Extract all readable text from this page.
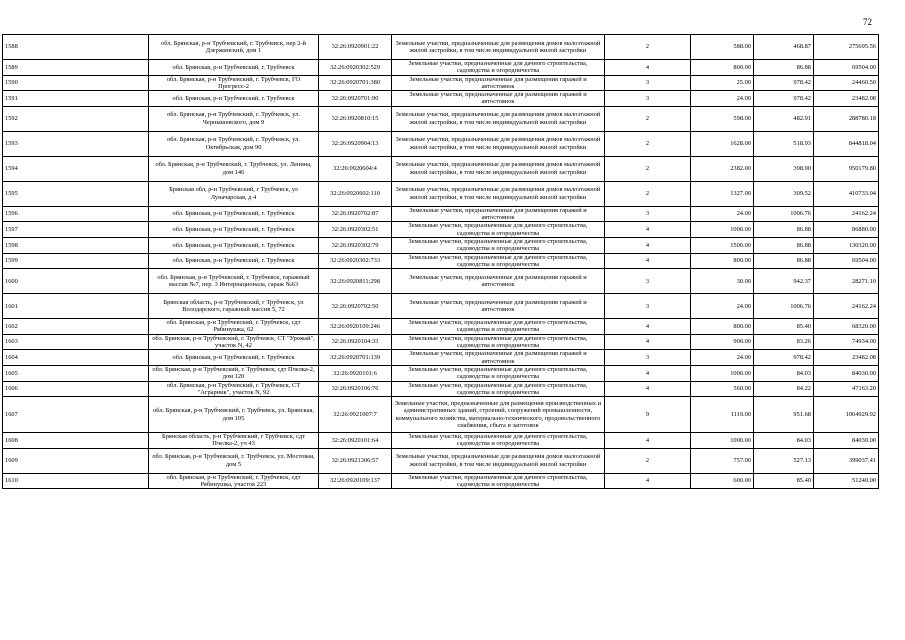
72
1588	обл. Брянская, р-н Трубчевский, г. Трубчевск, пер 2-й Дзержинский, дом 1	32:26:0920901:22	Земельные участки, предназначенные для размещения домов малоэтажной жилой застройки, в том числе индивидуальной жилой застройки	2	588.00	468.87	275695.56
1589	обл. Брянская, р-н Трубчевский, г. Трубчевск	32:26:0920302:529	Земельные участки, предназначенные для дачного строительства, садоводства и огородничества	4	800.00	86.88	69504.00
1590	обл. Брянская, р-н Трубчевский, г. Трубчевск, ГО Прогресс-2	32:26:0920701:380	Земельные участки, предназначенные для размещения гаражей и автостоянок	3	25.00	978.42	24460.50
1591	обл. Брянская, р-н Трубчевский, г. Трубчевск	32:26:0920701:90	Земельные участки, предназначенные для размещения гаражей и автостоянок	3	24.00	978.42	23482.08
1592	обл. Брянская, р-н Трубчевский, г. Трубчевск, ул. Чернышевского, дом 9	32:26:0920810:15	Земельные участки, предназначенные для размещения домов малоэтажной жилой застройки, в том числе индивидуальной жилой застройки	2	598.00	482.91	288780.18
1593	обл. Брянская, р-н Трубчевский, г. Трубчевск, ул. Октябрьская, дом 90	32:26:0920904:13	Земельные участки, предназначенные для размещения домов малоэтажной жилой застройки, в том числе индивидуальной жилой застройки	2	1628.00	518.93	844818.04
1594	обл. Брянская, р-н Трубчевский, г. Трубчевск, ул. Ленина, дом 146	32:26:0920604:4	Земельные участки, предназначенные для размещения домов малоэтажной жилой застройки, в том числе индивидуальной жилой застройки	2	2382.00	398.90	950179.80
1595	Брянская обл, р-н Трубчевский, г Трубчевск, ул Луначарская, д 4	32:26:0920602:110	Земельные участки, предназначенные для размещения домов малоэтажной жилой застройки, в том числе индивидуальной жилой застройки	2	1327.00	309.52	410733.04
1596	обл. Брянская, р-н Трубчевский, г. Трубчевск	32:26:0920702:87	Земельные участки, предназначенные для размещения гаражей и автостоянок	3	24.00	1006.76	24162.24
1597	обл. Брянская, р-н Трубчевский, г. Трубчевск	32:26:0920302:51	Земельные участки, предназначенные для дачного строительства, садоводства и огородничества	4	1000.00	86.88	86880.00
1598	обл. Брянская, р-н Трубчевский, г. Трубчевск	32:26:0920302:79	Земельные участки, предназначенные для дачного строительства, садоводства и огородничества	4	1500.00	86.88	130320.00
1599	обл. Брянская, р-н Трубчевский, г. Трубчевск	32:26:0920302:733	Земельные участки, предназначенные для дачного строительства, садоводства и огородничества	4	800.00	86.88	69504.00
1600	обл. Брянская, р-н Трубчевский, г. Трубчевск, гаражный массив №7, пер. 3 Интернационала, гараж №63	32:26:0920811:298	Земельные участки, предназначенные для размещения гаражей и автостоянок	3	30.00	942.37	28271.10
1601	Брянская область, р-н Трубчевский, г Трубчевск, ул Володарского, гаражный массив 5, 72	32:26:0920702:50	Земельные участки, предназначенные для размещения гаражей и автостоянок	3	24.00	1006.76	24162.24
1602	обл. Брянская, р-н Трубчевский, г. Трубчевск, сдт Рябинушка, 62	32:26:0920109:246	Земельные участки, предназначенные для дачного строительства, садоводства и огородничества	4	800.00	85.40	68320.00
1603	обл. Брянская, р-н Трубчевский, г. Трубчевск, СТ "Урожай", участок N, 42	32:26:0920104:33	Земельные участки, предназначенные для дачного строительства, садоводства и огородничества	4	900.00	83.26	74934.00
1604	обл. Брянская, р-н Трубчевский, г. Трубчевск	32:26:0920701:139	Земельные участки, предназначенные для размещения гаражей и автостоянок	3	24.00	978.42	23482.08
1605	обл. Брянская, р-н Трубчевский, г. Трубчевск, сдт Пчелка-2, дом 120	32:26:0920101:6	Земельные участки, предназначенные для дачного строительства, садоводства и огородничества	4	1000.00	84.03	84030.00
1606	обл. Брянская, р-н Трубчевский, г. Трубчевск, СТ "Аграрник", участок N, 92	32:26:0920106:76	Земельные участки, предназначенные для дачного строительства, садоводства и огородничества	4	560.00	84.22	47163.20
1607	обл. Брянская, р-н Трубчевский, г. Трубчевск, ул. Брянская, дом 105	32:26:0921007:7	Земельные участки, предназначенные для размещения производственных и административных зданий, строений, сооружений промышленности, коммунального хозяйства, материально-технического, продовольственного снабжения, сбыта и заготовок	9	1119.00	951.68	1064929.92
1608	Брянская область, р-н Трубчевский, г Трубчевск, сдт Пчелка-2, уч 43	32:26:0920101:64	Земельные участки, предназначенные для дачного строительства, садоводства и огородничества	4	1000.00	84.03	84030.00
1609	обл. Брянская, р-н Трубчевский, г. Трубчевск, ул. Мостовая, дом 5	32:26:0921306:57	Земельные участки, предназначенные для размещения домов малоэтажной жилой застройки, в том числе индивидуальной жилой застройки	2	757.00	527.13	399037.41
1610	обл. Брянская, р-н Трубчевский, г. Трубчевск, сдт Рябинушка, участок 223	32:26:0920109:137	Земельные участки, предназначенные для дачного строительства, садоводства и огородничества	4	600.00	85.40	51240.00
